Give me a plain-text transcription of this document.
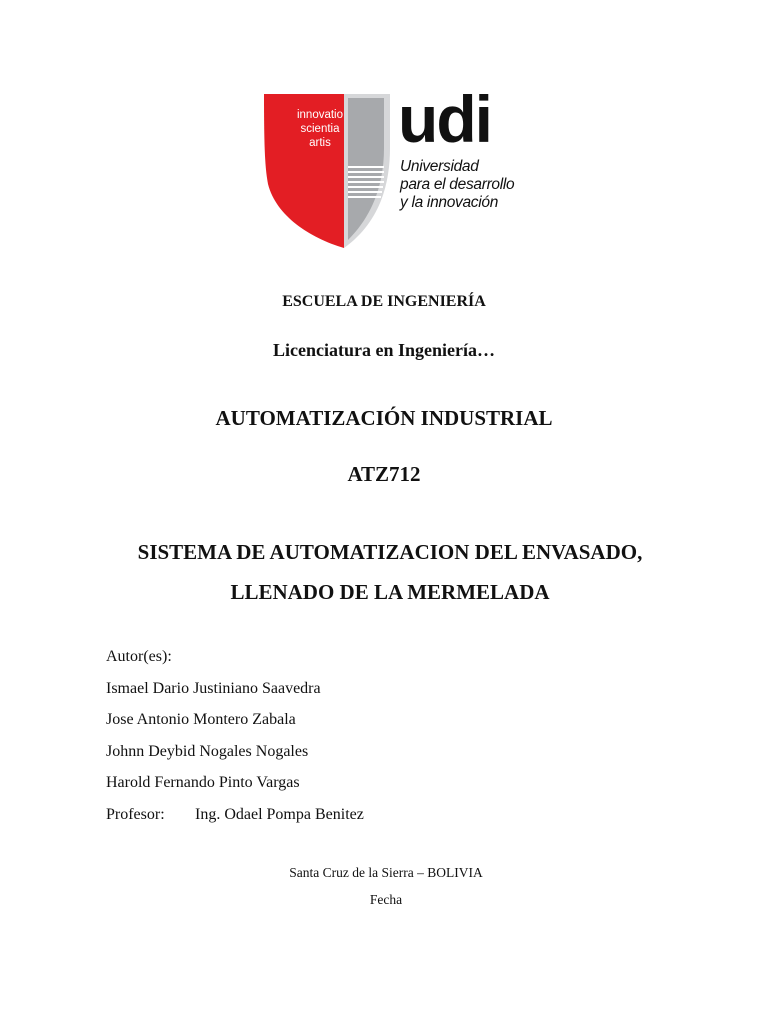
innovatio
scientia
artis	udi
Universidad
para el desarrollo
y la innovación
ESCUELA DE INGENIERÍA
Licenciatura en Ingeniería…
AUTOMATIZACIÓN INDUSTRIAL
ATZ712
SISTEMA DE AUTOMATIZACION DEL ENVASADO,
LLENADO DE LA MERMELADA
Autor(es):
Ismael Dario Justiniano Saavedra
Jose Antonio Montero Zabala
Johnn Deybid Nogales Nogales
Harold Fernando Pinto Vargas
Profesor: Ing. Odael Pompa Benitez
Santa Cruz de la Sierra – BOLIVIA
Fecha
